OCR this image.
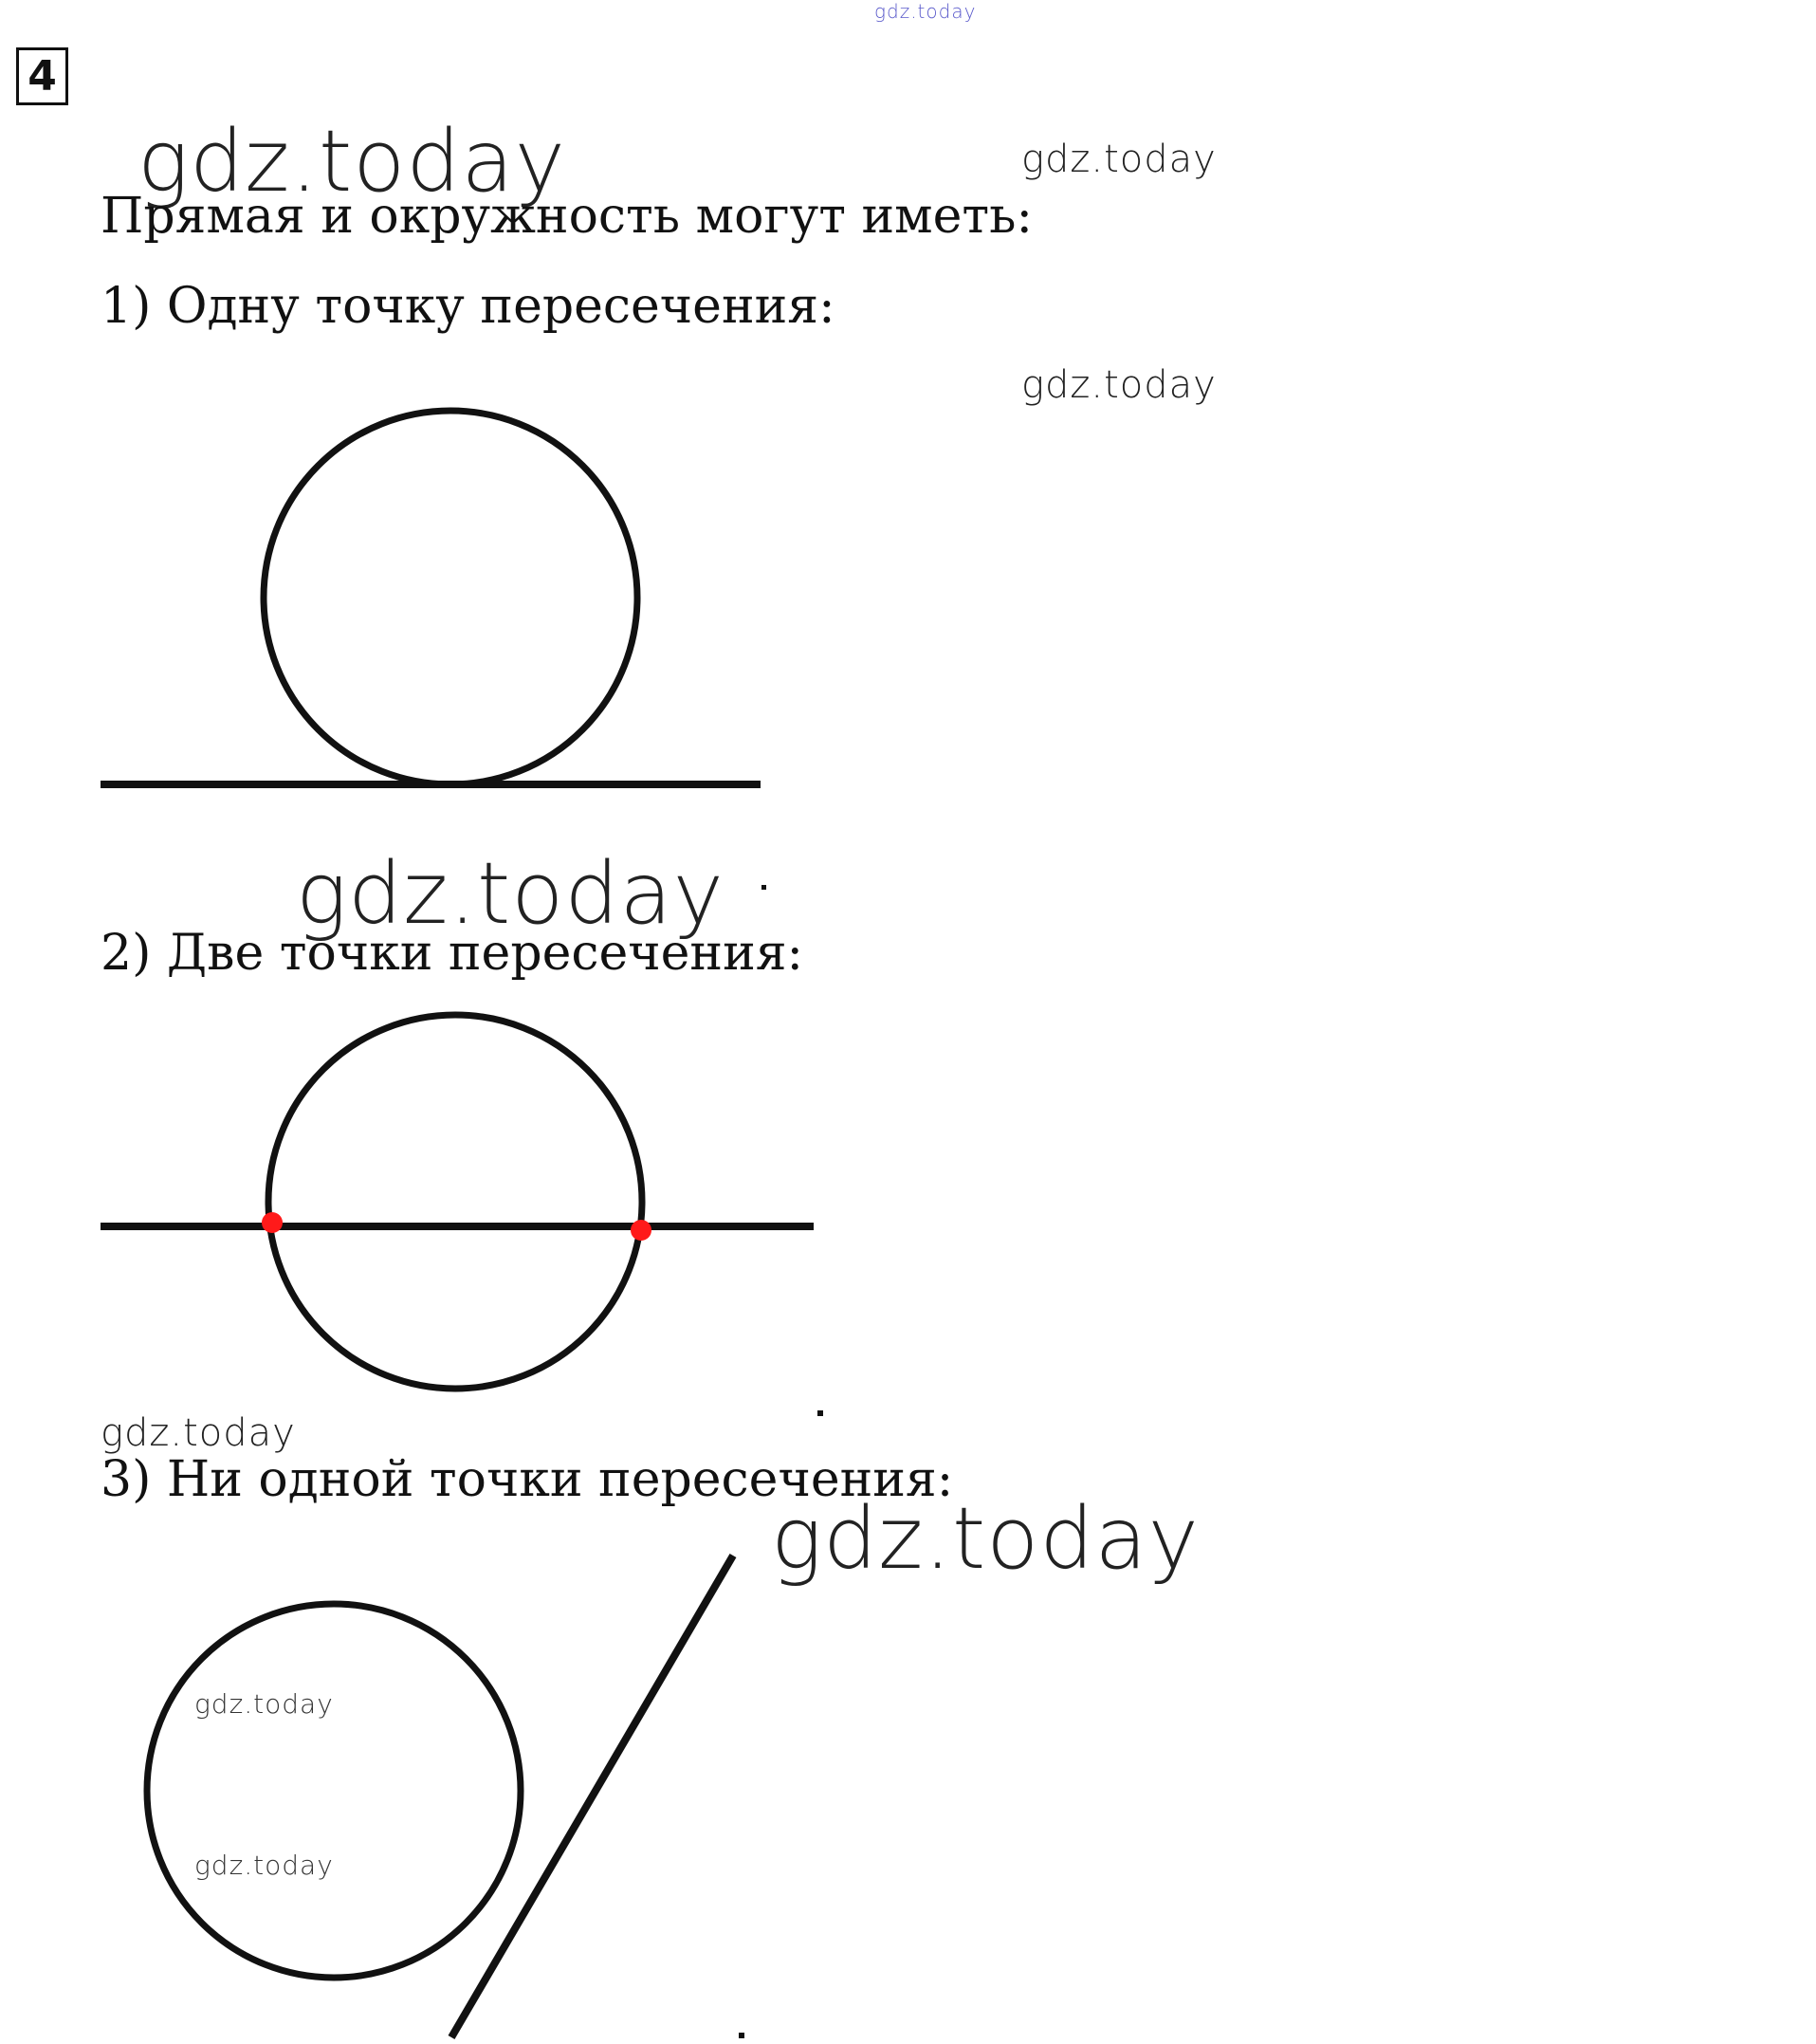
gdz.today
gdz.today	gdz.today
gdz.today
gdz.today
gdz.today
gdz.today
gdz.today
gdz.today
4
Прямая и окружность могут иметь:
1) Одну точку пересечения:
2) Две точки пересечения:
3) Ни одной точки пересечения:
